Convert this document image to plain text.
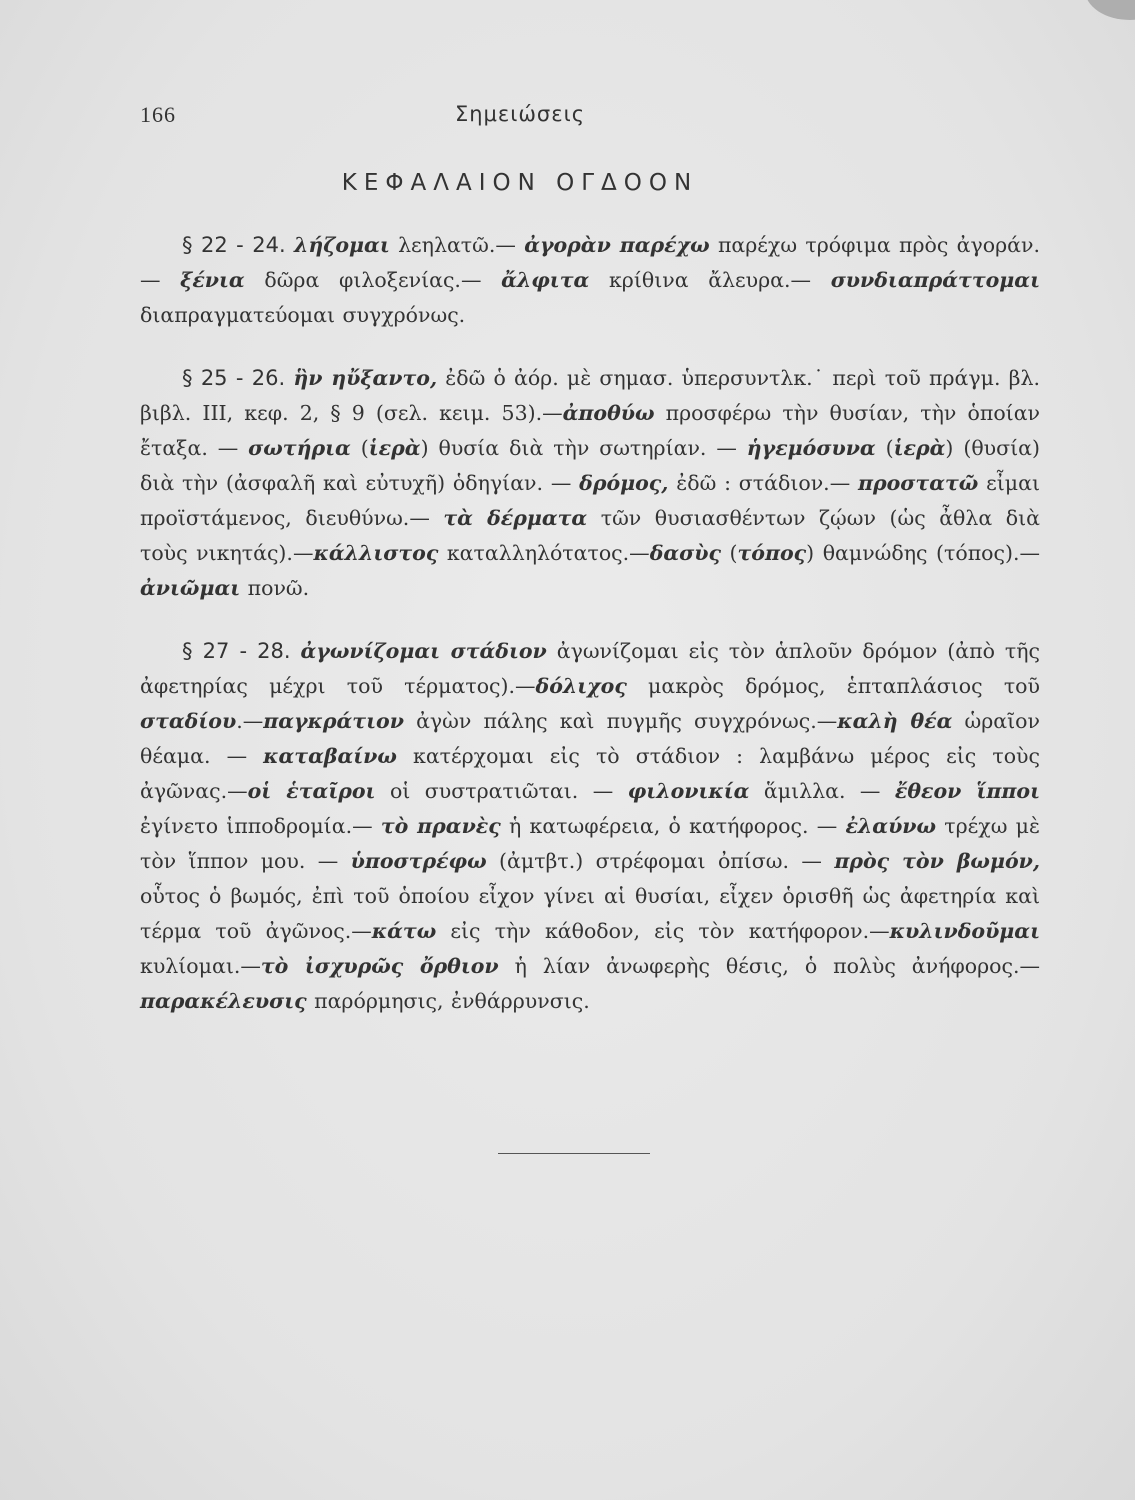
166	Σημειώσεις
ΚΕΦΑΛΑΙΟΝ ΟΓΔΟΟΝ

§ 22 - 24. λήζομαι λεηλατῶ.— ἀγορὰν παρέχω παρέχω τρόφιμα πρὸς ἀγοράν.— ξένια δῶρα φιλοξενίας.— ἄλφιτα κρίθινα ἄλευρα.— συνδιαπράττομαι διαπραγματεύομαι συγχρόνως.

§ 25 - 26. ἣν ηὔξαντο, ἐδῶ ὁ ἀόρ. μὲ σημασ. ὑπερσυντλκ.˙ περὶ τοῦ πράγμ. βλ. βιβλ. ΙΙΙ, κεφ. 2, § 9 (σελ. κειμ. 53).—ἀποθύω προσφέρω τὴν θυσίαν, τὴν ὁποίαν ἔταξα. — σωτήρια (ἱερὰ) θυσία διὰ τὴν σωτηρίαν. — ἡγεμόσυνα (ἱερὰ) (θυσία) διὰ τὴν (ἀσφαλῆ καὶ εὐτυχῆ) ὁδηγίαν. — δρόμος, ἐδῶ : στάδιον.— προστατῶ εἶμαι προϊστάμενος, διευθύνω.— τὰ δέρματα τῶν θυσιασθέντων ζῴων (ὡς ἆθλα διὰ τοὺς νικητάς).—κάλλιστος καταλληλότατος.—δασὺς (τόπος) θαμνώδης (τόπος).— ἀνιῶμαι πονῶ.

§ 27 - 28. ἀγωνίζομαι στάδιον ἀγωνίζομαι εἰς τὸν ἁπλοῦν δρόμον (ἀπὸ τῆς ἀφετηρίας μέχρι τοῦ τέρματος).—δόλιχος μακρὸς δρόμος, ἑπταπλάσιος τοῦ σταδίου.—παγκράτιον ἀγὼν πάλης καὶ πυγμῆς συγχρόνως.—καλὴ θέα ὡραῖον θέαμα. — καταβαίνω κατέρχομαι εἰς τὸ στάδιον : λαμβάνω μέρος εἰς τοὺς ἀγῶνας.—οἱ ἑταῖροι οἱ συστρατιῶται. — φιλονικία ἅμιλλα. — ἔθεον ἵπποι ἐγίνετο ἱπποδρομία.— τὸ πρανὲς ἡ κατωφέρεια, ὁ κατήφορος. — ἐλαύνω τρέχω μὲ τὸν ἵππον μου. — ὑποστρέφω (ἀμτβτ.) στρέφομαι ὀπίσω. — πρὸς τὸν βωμόν, οὗτος ὁ βωμός, ἐπὶ τοῦ ὁποίου εἶχον γίνει αἱ θυσίαι, εἶχεν ὁρισθῆ ὡς ἀφετηρία καὶ τέρμα τοῦ ἀγῶνος.—κάτω εἰς τὴν κάθοδον, εἰς τὸν κατήφορον.—κυλινδοῦμαι κυλίομαι.—τὸ ἰσχυρῶς ὄρθιον ἡ λίαν ἀνωφερὴς θέσις, ὁ πολὺς ἀνήφορος.— παρακέλευσις παρόρμησις, ἐνθάρρυνσις.
